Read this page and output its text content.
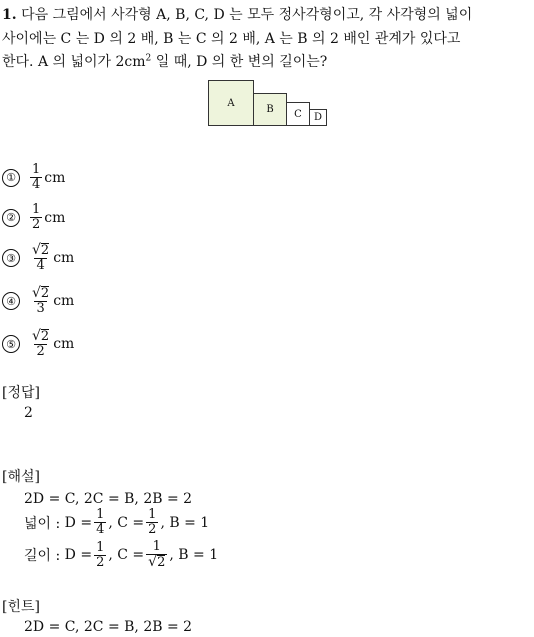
1. 다음 그림에서 사각형 A, B, C, D 는 모두 정사각형이고, 각 사각형의 넓이
사이에는 C 는 D 의 2 배, B 는 C 의 2 배, A 는 B 의 2 배인 관계가 있다고
한다. A 의 넓이가 $2cm^2$ 일 때, D 의 한 변의 길이는?
A
B C D
①	$\frac{1}{4}$ cm
②	$\frac{1}{2}$ cm
③ $\frac{√ 2}{4}$ cm
④ $\frac{√ 2}{3}$ cm
⑤ $\frac{√ 2}{2}$ cm
[정답]
2
[해설]
2D = C, 2C = B, 2B = 2
넓이 :
$D = \frac{1}{4}$ ,
$C = \frac{1}{2}$ ,
B = 1
길이 :
$D = \frac{1}{2}$ ,
$C = \frac{1}{√ 2}$ ,
B = 1
[힌트]
2D = C, 2C = B, 2B = 2
